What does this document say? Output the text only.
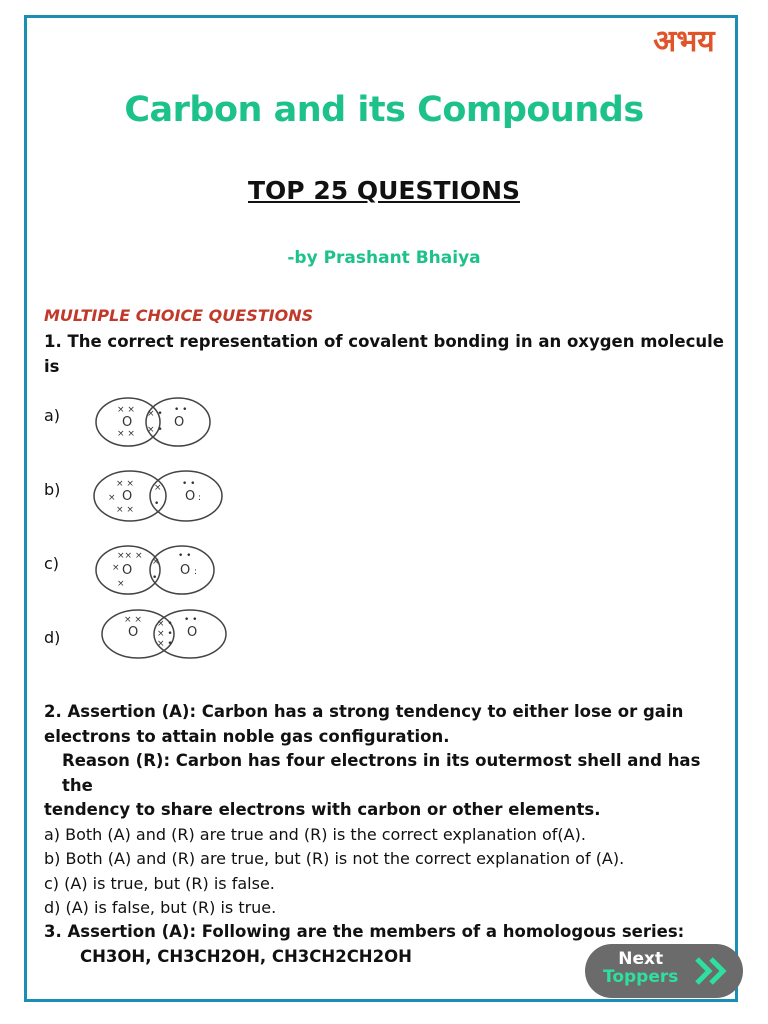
अभय
Carbon and its Compounds
TOP 25 QUESTIONS
-by Prashant Bhaiya
MULTIPLE CHOICE QUESTIONS
1. The correct representation of covalent bonding in an oxygen molecule
is
a)	O	O
× ×
× ×
× •
× •
• •
b)	O	O
× ×
× ×
×
×
•
• •
:
c)	O	O
×× ×
×
×
×
•
• •
:
d)	O	O
× × × •
× •
× •
• •
2. Assertion (A): Carbon has a strong tendency to either lose or gain
electrons to attain noble gas configuration.
Reason (R): Carbon has four electrons in its outermost shell and has the
tendency to share electrons with carbon or other elements.
a) Both (A) and (R) are true and (R) is the correct explanation of(A).
b) Both (A) and (R) are true, but (R) is not the correct explanation of (A).
c) (A) is true, but (R) is false.
d) (A) is false, but (R) is true.
3. Assertion (A): Following are the members of a homologous series:
CH3OH, CH3CH2OH, CH3CH2CH2OH	Next
Toppers
